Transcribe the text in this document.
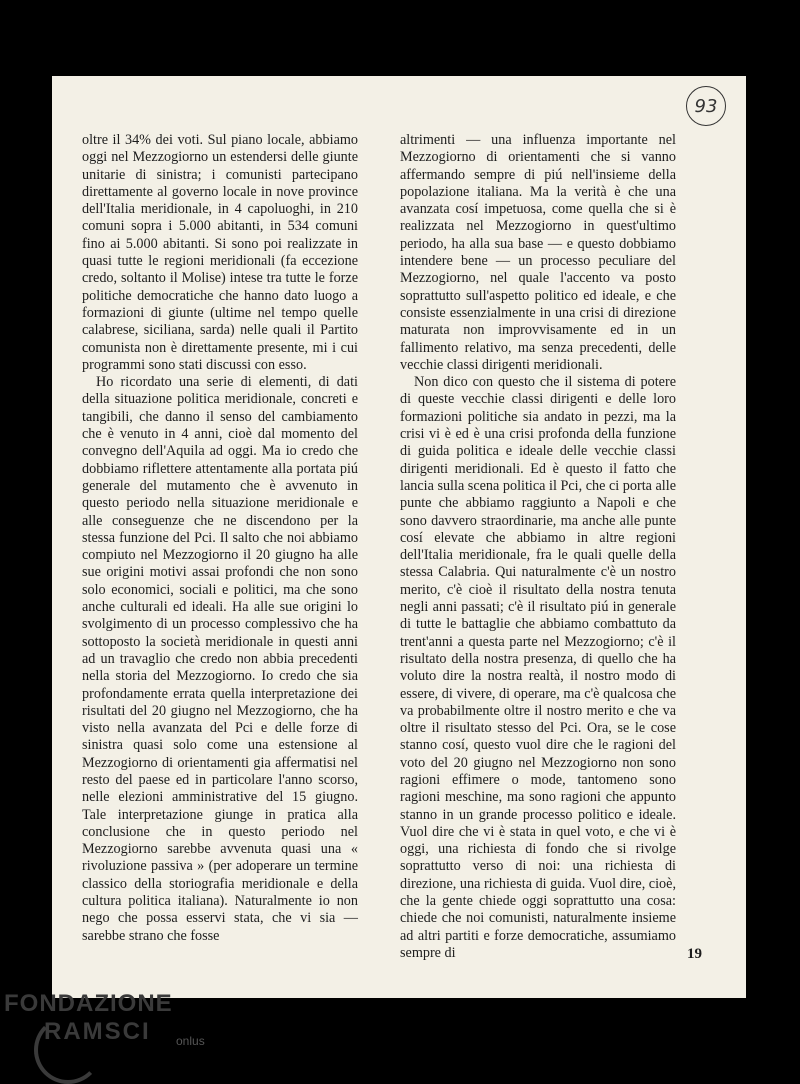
93

oltre il 34% dei voti. Sul piano locale, abbiamo oggi nel Mezzogiorno un estendersi delle giunte unitarie di sinistra; i comunisti partecipano direttamente al governo locale in nove province dell'Italia meridionale, in 4 capoluoghi, in 210 comuni sopra i 5.000 abitanti, in 534 comuni fino ai 5.000 abitanti. Si sono poi realizzate in quasi tutte le regioni meridionali (fa eccezione credo, soltanto il Molise) intese tra tutte le forze politiche democratiche che hanno dato luogo a formazioni di giunte (ultime nel tempo quelle calabrese, siciliana, sarda) nelle quali il Partito comunista non è direttamente presente, mi i cui programmi sono stati discussi con esso.

Ho ricordato una serie di elementi, di dati della situazione politica meridionale, concreti e tangibili, che danno il senso del cambiamento che è venuto in 4 anni, cioè dal momento del convegno dell'Aquila ad oggi. Ma io credo che dobbiamo riflettere attentamente alla portata piú generale del mutamento che è avvenuto in questo periodo nella situazione meridionale e alle conseguenze che ne discendono per la stessa funzione del Pci. Il salto che noi abbiamo compiuto nel Mezzogiorno il 20 giugno ha alle sue origini motivi assai profondi che non sono solo economici, sociali e politici, ma che sono anche culturali ed ideali. Ha alle sue origini lo svolgimento di un processo complessivo che ha sottoposto la società meridionale in questi anni ad un travaglio che credo non abbia precedenti nella storia del Mezzogiorno. Io credo che sia profondamente errata quella interpretazione dei risultati del 20 giugno nel Mezzogiorno, che ha visto nella avanzata del Pci e delle forze di sinistra quasi solo come una estensione al Mezzogiorno di orientamenti gia affermatisi nel resto del paese ed in particolare l'anno scorso, nelle elezioni amministrative del 15 giugno. Tale interpretazione giunge in pratica alla conclusione che in questo periodo nel Mezzogiorno sarebbe avvenuta quasi una « rivoluzione passiva » (per adoperare un termine classico della storiografia meridionale e della cultura politica italiana). Naturalmente io non nego che possa esservi stata, che vi sia — sarebbe strano che fosse

altrimenti — una influenza importante nel Mezzogiorno di orientamenti che si vanno affermando sempre di piú nell'insieme della popolazione italiana. Ma la verità è che una avanzata cosí impetuosa, come quella che si è realizzata nel Mezzogiorno in quest'ultimo periodo, ha alla sua base — e questo dobbiamo intendere bene — un processo peculiare del Mezzogiorno, nel quale l'accento va posto soprattutto sull'aspetto politico ed ideale, e che consiste essenzialmente in una crisi di direzione maturata non improvvisamente ed in un fallimento relativo, ma senza precedenti, delle vecchie classi dirigenti meridionali.

Non dico con questo che il sistema di potere di queste vecchie classi dirigenti e delle loro formazioni politiche sia andato in pezzi, ma la crisi vi è ed è una crisi profonda della funzione di guida politica e ideale delle vecchie classi dirigenti meridionali. Ed è questo il fatto che lancia sulla scena politica il Pci, che ci porta alle punte che abbiamo raggiunto a Napoli e che sono davvero straordinarie, ma anche alle punte cosí elevate che abbiamo in altre regioni dell'Italia meridionale, fra le quali quelle della stessa Calabria. Qui naturalmente c'è un nostro merito, c'è cioè il risultato della nostra tenuta negli anni passati; c'è il risultato piú in generale di tutte le battaglie che abbiamo combattuto da trent'anni a questa parte nel Mezzogiorno; c'è il risultato della nostra presenza, di quello che ha voluto dire la nostra realtà, il nostro modo di essere, di vivere, di operare, ma c'è qualcosa che va probabilmente oltre il nostro merito e che va oltre il risultato stesso del Pci. Ora, se le cose stanno cosí, questo vuol dire che le ragioni del voto del 20 giugno nel Mezzogiorno non sono ragioni effimere o mode, tantomeno sono ragioni meschine, ma sono ragioni che appunto stanno in un grande processo politico e ideale. Vuol dire che vi è stata in quel voto, e che vi è oggi, una richiesta di fondo che si rivolge soprattutto verso di noi: una richiesta di direzione, una richiesta di guida. Vuol dire, cioè, che la gente chiede oggi soprattutto una cosa: chiede che noi comunisti, naturalmente insieme ad altri partiti e forze democratiche, assumiamo sempre di	19
FONDAZIONE
RAMSCI	onlus
